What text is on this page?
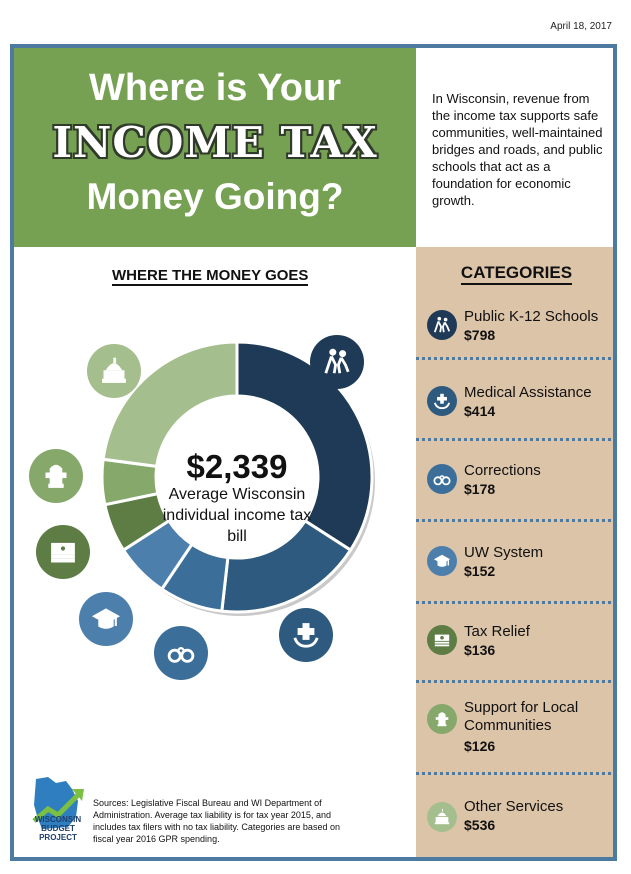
April 18, 2017
Where is Your
INCOME TAX
Money Going?
In Wisconsin, revenue from the income tax supports safe communities, well-maintained bridges and roads, and public schools that act as a foundation for economic growth.
WHERE THE MONEY GOES
$2,339
Average Wisconsin individual income tax bill
WISCONSIN BUDGET PROJECT
Sources: Legislative Fiscal Bureau and WI Department of Administration. Average tax liability is for tax year 2015, and includes tax filers with no tax liability. Categories are based on fiscal year 2016 GPR spending.
CATEGORIES
Public K-12 Schools
$798
Medical Assistance
$414
Corrections
$178
UW System
$152
Tax Relief
$136
Support for Local Communities
$126
Other Services
$536
